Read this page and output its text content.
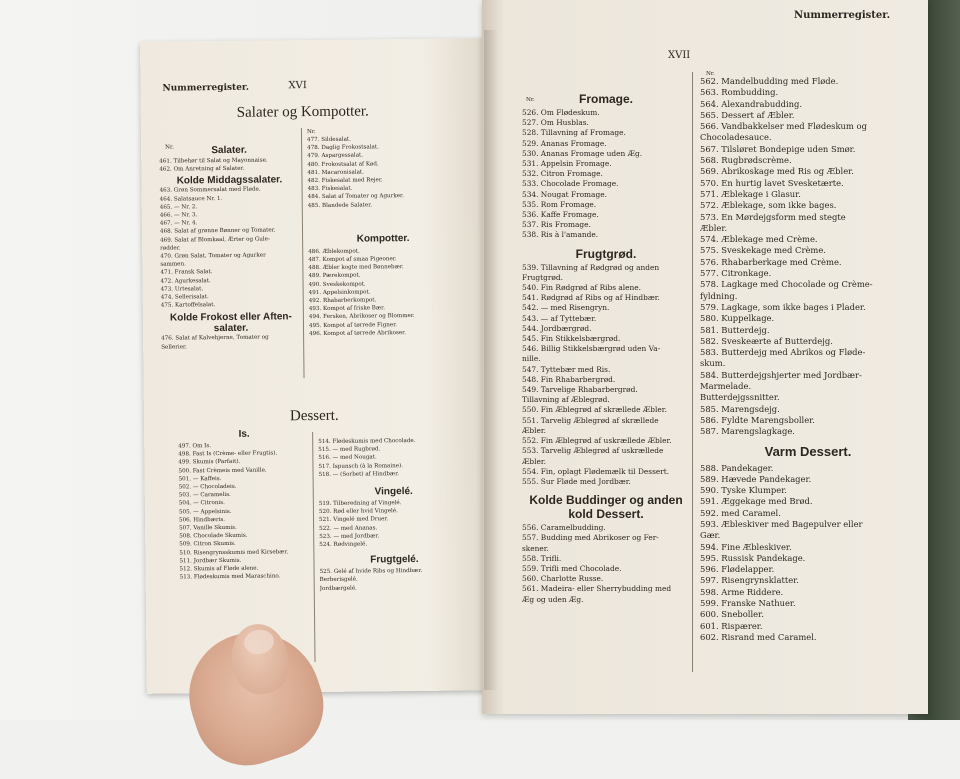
Nummerregister.	XVI
Salater og Kompotter.
Nr.
Nr.
Salater.
461. Tilbehør til Salat og Mayonnaise.
462. Om Anretning af Salater.
Kolde Middagssalater.
463. Grøn Sommersalat med Fløde.
464. Salatsauce Nr. 1.
465. — Nr. 2.
466. — Nr. 3.
467. — Nr. 4.
468. Salat af grønne Bønner og Tomater.
469. Salat af Blomkaal, Ærter og Gule-
rødder.
470. Grøn Salat, Tomater og Agurker
sammen.
471. Fransk Salat.
472. Agurkesalat.
473. Urtesalat.
474. Sellerisalat.
475. Kartoffelsalat.
Kolde Frokost eller Aften-
salater.
476. Salat af Kalvehjerne, Tomater og
Sellerier.
477. Sildesalat.
478. Daglig Frokostsalat.
479. Aspargessalat.
480. Frokostsalat af Kød.
481. Macaronisalat.
482. Fiskesalat med Rejer.
483. Fiskesalat.
484. Salat af Tomater og Agurker.
485. Blandede Salater.
Kompotter.
486. Æblekompot.
487. Kompot af smaa Pigeoner.
488. Æbler kogte med Bønnebær.
489. Pærekompot.
490. Sveskekompot.
491. Appelsinkompot.
492. Rhabarberkompot.
493. Kompot af friske Bær.
494. Fersken, Abrikoser og Blommer.
495. Kompot af tørrede Figner.
496. Kompot af tørrede Abrikoser.
Dessert.
Is.
497. Om Is.
498. Fast Is (Crème- eller Frugtis).
499. Skumis (Parfait).
500. Fast Crèmeis med Vanille.
501. — Kaffeis.
502. — Chocoladeis.
503. — Caramelis.
504. — Citronis.
505. — Appelsinis.
506. Hindbæris.
507. Vanille Skumis.
508. Chocolade Skumis.
509. Citron Skumis.
510. Risengrynsskumis med Kirsebær.
511. Jordbær Skumis.
512. Skumis af Fløde alene.
513. Flødeskumis med Maraschino.
514. Flødeskumis med Chocolade.
515. — med Rugbrød.
516. — med Nougat.
517. Ispunsch (à la Romaine).
518. — (Sorbet) af Hindbær.
Vingelé.
519. Tilberedning af Vingelé.
520. Rød eller hvid Vingelé.
521. Vingelé med Druer.
522. — med Ananas.
523. — med Jordbær.
524. Rødvingelé.
Frugtgelé.
525. Gelé af hvide Ribs og Hindbær.
Berberisgelé.
Jordbærgelé.
Nummerregister.
XVII
Nr.
Nr.
Fromage.
526. Om Flødeskum.
527. Om Husblas.
528. Tillavning af Fromage.
529. Ananas Fromage.
530. Ananas Fromage uden Æg.
531. Appelsin Fromage.
532. Citron Fromage.
533. Chocolade Fromage.
534. Nougat Fromage.
535. Rom Fromage.
536. Kaffe Fromage.
537. Ris Fromage.
538. Ris à l'amande.
Frugtgrød.
539. Tillavning af Rødgrød og anden
Frugtgrød.
540. Fin Rødgrød af Ribs alene.
541. Rødgrød af Ribs og af Hindbær.
542. — med Risengryn.
543. — af Tyttebær.
544. Jordbærgrød.
545. Fin Stikkelsbærgrød.
546. Billig Stikkelsbærgrød uden Va-
nille.
547. Tyttebær med Ris.
548. Fin Rhabarbergrød.
549. Tarvelige Rhabarbergrød.
Tillavning af Æblegrød.
550. Fin Æblegrød af skrællede Æbler.
551. Tarvelig Æblegrød af skrællede
Æbler.
552. Fin Æblegrød af uskrællede Æbler.
553. Tarvelig Æblegrød af uskrællede
Æbler.
554. Fin, oplagt Flødemælk til Dessert.
555. Sur Fløde med Jordbær.
Kolde Buddinger og anden
kold Dessert.
556. Caramelbudding.
557. Budding med Abrikoser og Fer-
skener.
558. Trifli.
559. Trifli med Chocolade.
560. Charlotte Russe.
561. Madeira- eller Sherrybudding med
Æg og uden Æg.
562. Mandelbudding med Fløde.
563. Rombudding.
564. Alexandrabudding.
565. Dessert af Æbler.
566. Vandbakkelser med Flødeskum og
Chocoladesauce.
567. Tilsløret Bondepige uden Smør.
568. Rugbrødscrème.
569. Abrikoskage med Ris og Æbler.
570. En hurtig lavet Svesketærte.
571. Æblekage i Glasur.
572. Æblekage, som ikke bages.
573. En Mørdejgsform med stegte
Æbler.
574. Æblekage med Crème.
575. Sveskekage med Crème.
576. Rhabarberkage med Crème.
577. Citronkage.
578. Lagkage med Chocolade og Crème-
fyldning.
579. Lagkage, som ikke bages i Plader.
580. Kuppelkage.
581. Butterdejg.
582. Sveskeærte af Butterdejg.
583. Butterdejg med Abrikos og Fløde-
skum.
584. Butterdejgshjerter med Jordbær-
Marmelade.
Butterdejgssnitter.
585. Marengsdejg.
586. Fyldte Marengsboller.
587. Marengslagkage.
Varm Dessert.
588. Pandekager.
589. Hævede Pandekager.
590. Tyske Klumper.
591. Æggekage med Brød.
592. med Caramel.
593. Æbleskiver med Bagepulver eller
Gær.
594. Fine Æbleskiver.
595. Russisk Pandekage.
596. Flødelapper.
597. Risengrynsklatter.
598. Arme Riddere.
599. Franske Nathuer.
600. Sneboller.
601. Rispærer.
602. Risrand med Caramel.
